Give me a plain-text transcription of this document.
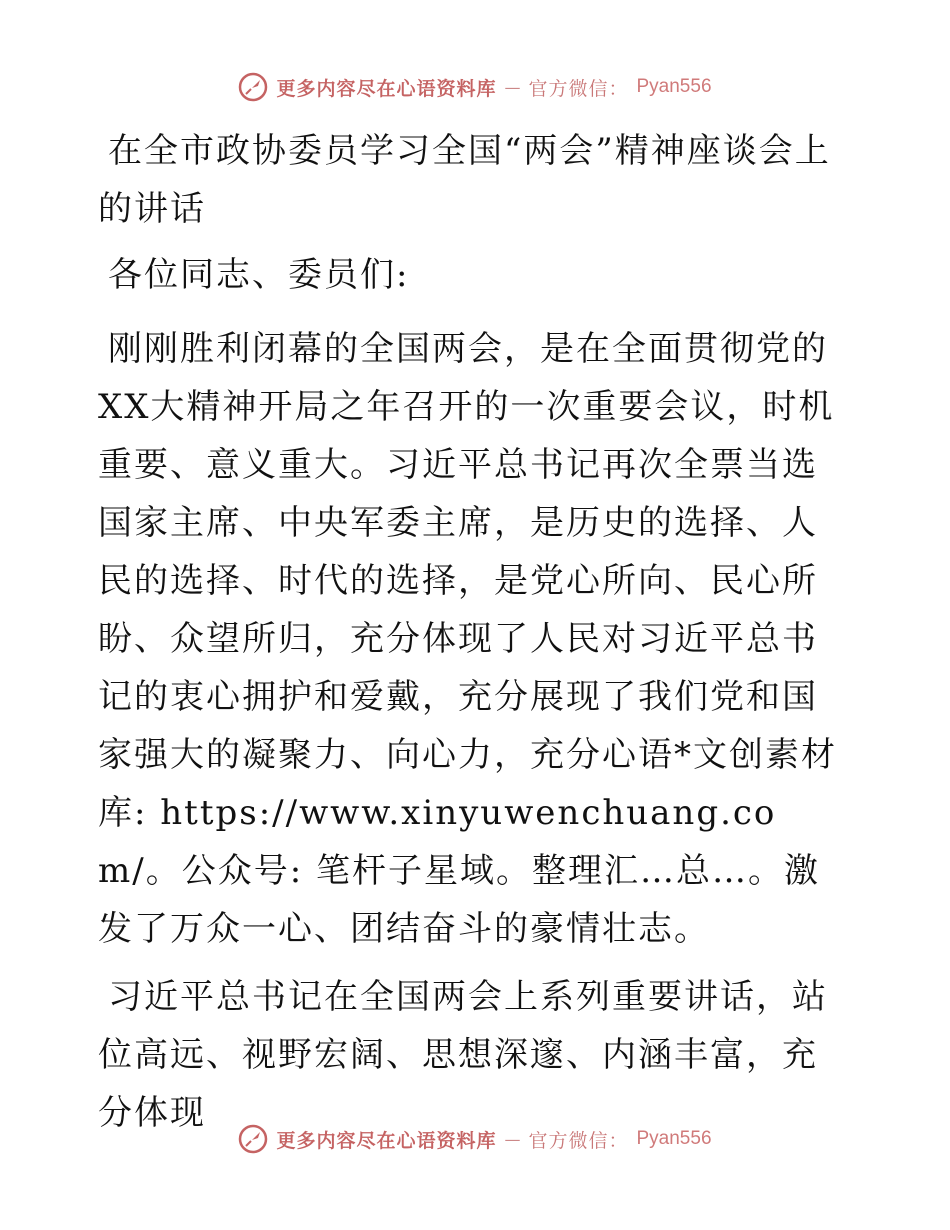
更多内容尽在心语资料库 — 官方微信： Pyan556
在全市政协委员学习全国“两会”精神座谈会上的讲话
各位同志、委员们:
刚刚胜利闭幕的全国两会，是在全面贯彻党的XX大精神开局之年召开的一次重要会议，时机重要、意义重大。习近平总书记再次全票当选国家主席、中央军委主席，是历史的选择、人民的选择、时代的选择，是党心所向、民心所盼、众望所归，充分体现了人民对习近平总书记的衷心拥护和爱戴，充分展现了我们党和国家强大的凝聚力、向心力，充分心语*文创素材库: https://www.xinyuwenchuang.com/。公众号: 笔杆子星域。整理汇…总…。激发了万众一心、团结奋斗的豪情壮志。
习近平总书记在全国两会上系列重要讲话，站位高远、视野宏阔、思想深邃、内涵丰富，充分体现
更多内容尽在心语资料库 — 官方微信： Pyan556
